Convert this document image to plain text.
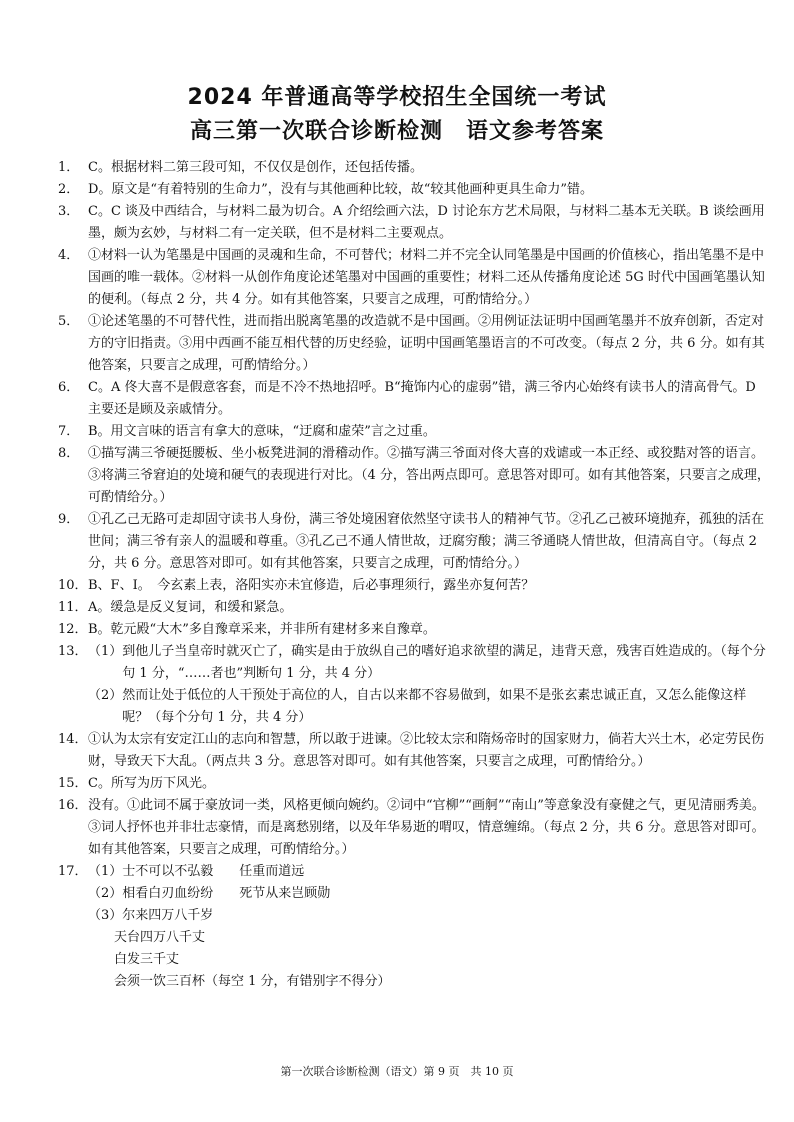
2024 年普通高等学校招生全国统一考试
高三第一次联合诊断检测　语文参考答案
1． C。根据材料二第三段可知，不仅仅是创作，还包括传播。
2． D。原文是“有着特别的生命力”，没有与其他画种比较，故“较其他画种更具生命力”错。
3． C。C 谈及中西结合，与材料二最为切合。A 介绍绘画六法，D 讨论东方艺术局限，与材料二基本无关联。B 谈绘画用墨，颇为玄妙，与材料二有一定关联，但不是材料二主要观点。
4． ①材料一认为笔墨是中国画的灵魂和生命，不可替代；材料二并不完全认同笔墨是中国画的价值核心，指出笔墨不是中国画的唯一载体。②材料一从创作角度论述笔墨对中国画的重要性；材料二还从传播角度论述 5G 时代中国画笔墨认知的便利。（每点 2 分，共 4 分。如有其他答案，只要言之成理，可酌情给分。）
5． ①论述笔墨的不可替代性，进而指出脱离笔墨的改造就不是中国画。②用例证法证明中国画笔墨并不放弃创新，否定对方的守旧指责。③用中西画不能互相代替的历史经验，证明中国画笔墨语言的不可改变。（每点 2 分，共 6 分。如有其他答案，只要言之成理，可酌情给分。）
6． C。A 佟大喜不是假意客套，而是不冷不热地招呼。B“掩饰内心的虚弱”错，满三爷内心始终有读书人的清高骨气。D 主要还是顾及亲戚情分。
7． B。用文言味的语言有拿大的意味，“迂腐和虚荣”言之过重。
8． ①描写满三爷硬挺腰板、坐小板凳进洞的滑稽动作。②描写满三爷面对佟大喜的戏谑或一本正经、或狡黠对答的语言。③将满三爷窘迫的处境和硬气的表现进行对比。（4 分，答出两点即可。意思答对即可。如有其他答案，只要言之成理，可酌情给分。）
9． ①孔乙己无路可走却固守读书人身份，满三爷处境困窘依然坚守读书人的精神气节。②孔乙己被环境抛弃，孤独的活在世间；满三爷有亲人的温暖和尊重。③孔乙己不通人情世故，迂腐穷酸；满三爷通晓人情世故，但清高自守。（每点 2 分，共 6 分。意思答对即可。如有其他答案，只要言之成理，可酌情给分。）
10． B、F、I。　今玄素上表，洛阳实亦未宜修造，后必事理须行，露坐亦复何苦？
11． A。缓急是反义复词，和缓和紧急。
12． B。乾元殿“大木”多自豫章采来，并非所有建材多来自豫章。
13． （1） 到他儿子当皇帝时就灭亡了，确实是由于放纵自己的嗜好追求欲望的满足，违背天意，残害百姓造成的。（每个分句 1 分，“……者也”判断句 1 分，共 4 分）
（2） 然而让处于低位的人干预处于高位的人，自古以来都不容易做到，如果不是张玄素忠诚正直，又怎么能像这样呢？（每个分句 1 分，共 4 分）
14． ①认为太宗有安定江山的志向和智慧，所以敢于进谏。②比较太宗和隋炀帝时的国家财力，倘若大兴土木，必定劳民伤财，导致天下大乱。（两点共 3 分。意思答对即可。如有其他答案，只要言之成理，可酌情给分。）
15． C。所写为历下风光。
16． 没有。①此词不属于豪放词一类，风格更倾向婉约。②词中“官柳”“画舸”“南山”等意象没有豪健之气，更见清丽秀美。③词人抒怀也并非壮志豪情，而是离愁别绪，以及年华易逝的喟叹，情意缠绵。（每点 2 分，共 6 分。意思答对即可。如有其他答案，只要言之成理，可酌情给分。）
17． （1）士不可以不弘毅 任重而道远
（2）相看白刃血纷纷 死节从来岂顾勋
（3）尔来四万八千岁
天台四万八千丈
白发三千丈
会须一饮三百杯（每空 1 分，有错别字不得分）
第一次联合诊断检测（语文）第 9 页　共 10 页
